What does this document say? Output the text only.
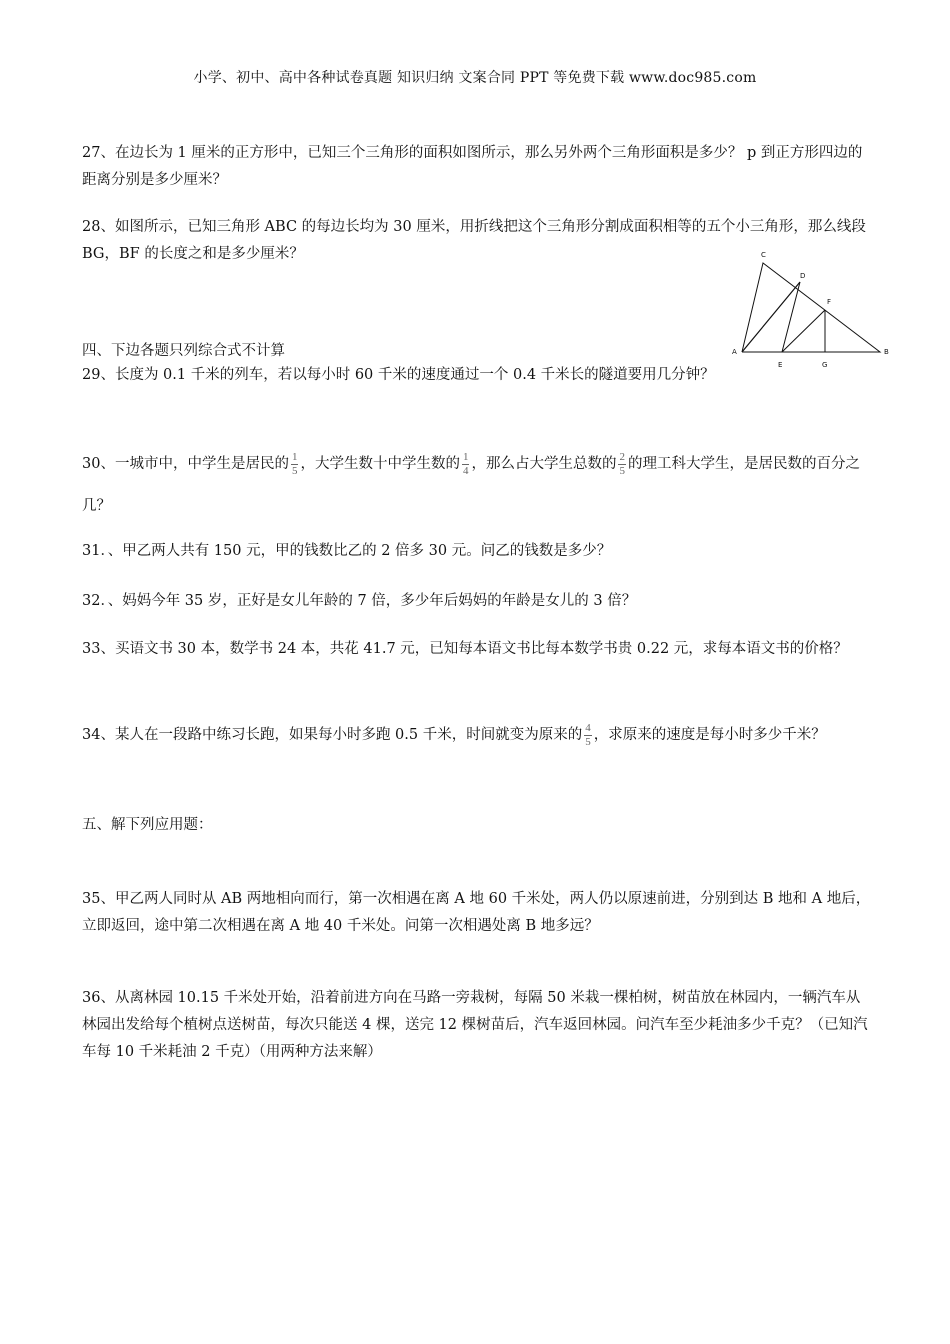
小学、初中、高中各种试卷真题 知识归纳 文案合同 PPT 等免费下载 www.doc985.com
27、在边长为 1 厘米的正方形中，已知三个三角形的面积如图所示，那么另外两个三角形面积是多少？ p 到正方形四边的距离分别是多少厘米？
28、如图所示，已知三角形 ABC 的每边长均为 30 厘米，用折线把这个三角形分割成面积相等的五个小三角形，那么线段 BG，BF 的长度之和是多少厘米？
A	B
C
D
E
F
G
四、下边各题只列综合式不计算
29、长度为 0.1 千米的列车，若以每小时 60 千米的速度通过一个 0.4 千米长的隧道要用几分钟？
30、一城市中，中学生是居民的 $\frac{1}{5}$ ，大学生数十中学生数的 $\frac{1}{4}$ ，那么占大学生总数的 $\frac{2}{5}$ 的理工科大学生，是居民数的百分之几？
31．、甲乙两人共有 150 元，甲的钱数比乙的 2 倍多 30 元。问乙的钱数是多少？
32．、妈妈今年 35 岁，正好是女儿年龄的 7 倍，多少年后妈妈的年龄是女儿的 3 倍？
33、买语文书 30 本，数学书 24 本，共花 41.7 元，已知每本语文书比每本数学书贵 0.22 元，求每本语文书的价格？
34、某人在一段路中练习长跑，如果每小时多跑 0.5 千米，时间就变为原来的 $\frac{4}{5}$ ，求原来的速度是每小时多少千米？
五、解下列应用题：
35、甲乙两人同时从 AB 两地相向而行，第一次相遇在离 A 地 60 千米处，两人仍以原速前进，分别到达 B 地和 A 地后，立即返回，途中第二次相遇在离 A 地 40 千米处。问第一次相遇处离 B 地多远？
36、从离林园 10.15 千米处开始，沿着前进方向在马路一旁栽树，每隔 50 米栽一棵柏树，树苗放在林园内，一辆汽车从林园出发给每个植树点送树苗，每次只能送 4 棵，送完 12 棵树苗后，汽车返回林园。问汽车至少耗油多少千克？（已知汽车每 10 千米耗油 2 千克）（用两种方法来解）
